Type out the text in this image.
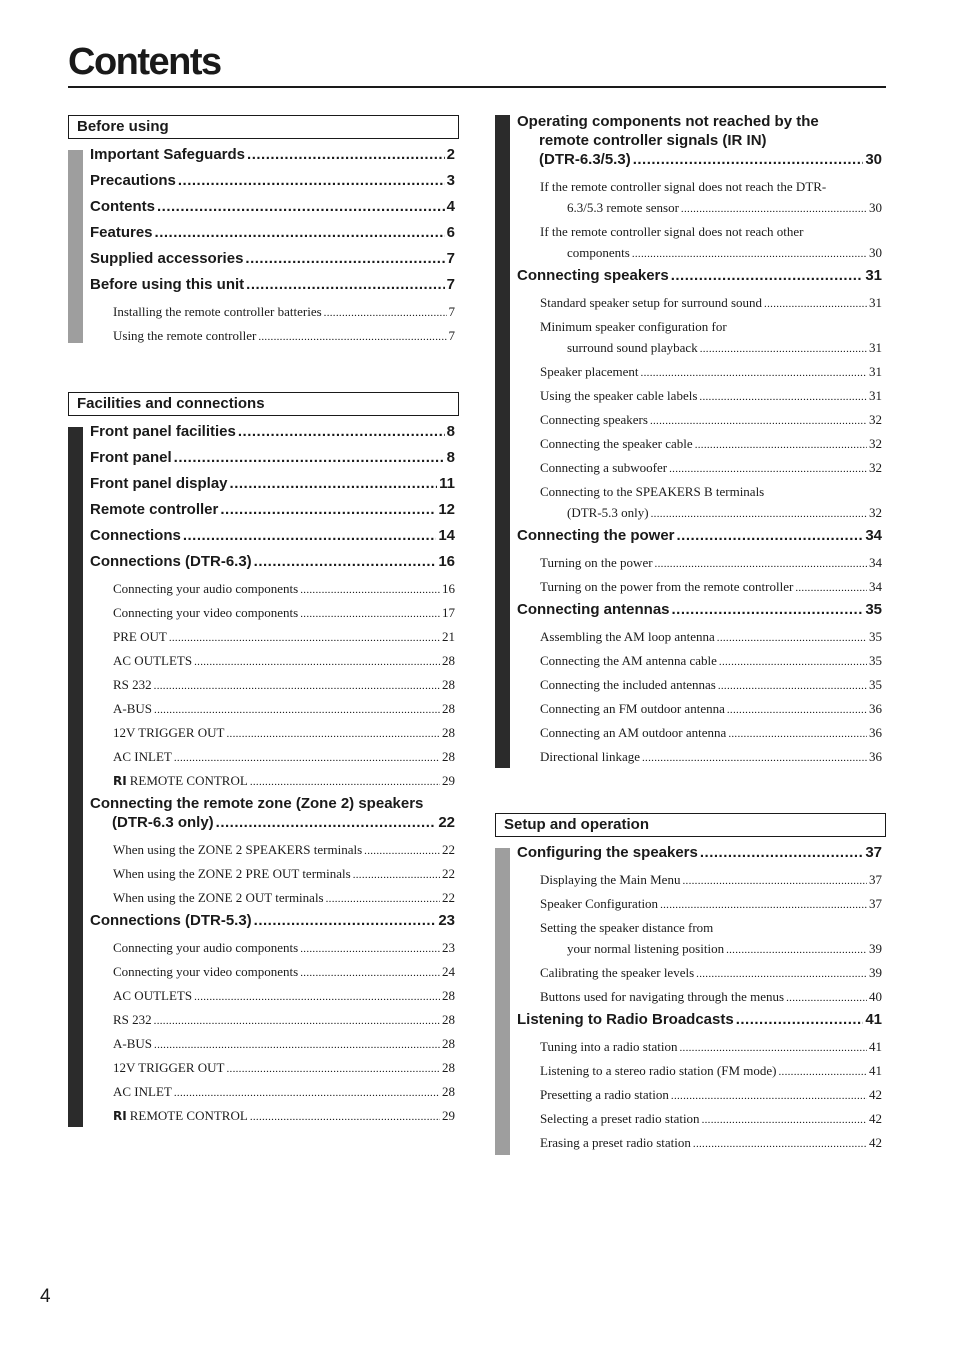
Contents
Before using
Important Safeguards .....	2
Precautions .....	3
Contents .....	4
Features .....	6
Supplied accessories .....	7
Before using this unit .....	7
Installing the remote controller batteries .....	7
Using the remote controller .....	7
Facilities and connections
Front panel facilities .....	8
Front panel .....	8
Front panel display .....	11
Remote controller .....	12
Connections .....	14
Connections (DTR-6.3) .....	16
Connecting your audio components .....	16
Connecting your video components .....	17
PRE OUT .....	21
AC OUTLETS .....	28
RS 232 .....	28
A-BUS .....	28
12V TRIGGER OUT .....	28
AC INLET .....	28
RI REMOTE CONTROL .....	29
Connecting the remote zone (Zone 2) speakers
(DTR-6.3 only) .....	22
When using the ZONE 2 SPEAKERS terminals .....	22
When using the ZONE 2 PRE OUT terminals .....	22
When using the ZONE 2 OUT terminals .....	22
Connections (DTR-5.3) .....	23
Connecting your audio components .....	23
Connecting your video components .....	24
AC OUTLETS .....	28
RS 232 .....	28
A-BUS .....	28
12V TRIGGER OUT .....	28
AC INLET .....	28
RI REMOTE CONTROL .....	29
Operating components not reached by the
remote controller signals (IR IN)
(DTR-6.3/5.3) .....	30
If the remote controller signal does not reach the DTR-
6.3/5.3 remote sensor .....	30
If the remote controller signal does not reach other
components .....	30
Connecting speakers .....	31
Standard speaker setup for surround sound .....	31
Minimum speaker configuration for
surround sound playback .....	31
Speaker placement .....	31
Using the speaker cable labels .....	31
Connecting speakers .....	32
Connecting the speaker cable .....	32
Connecting a subwoofer .....	32
Connecting to the SPEAKERS B terminals
(DTR-5.3 only) .....	32
Connecting the power .....	34
Turning on the power .....	34
Turning on the power from the remote controller .....	34
Connecting antennas .....	35
Assembling the AM loop antenna .....	35
Connecting the AM antenna cable .....	35
Connecting the included antennas .....	35
Connecting an FM outdoor antenna .....	36
Connecting an AM outdoor antenna .....	36
Directional linkage .....	36
Setup and operation
Configuring the speakers .....	37
Displaying the Main Menu .....	37
Speaker Configuration .....	37
Setting the speaker distance from
your normal listening position .....	39
Calibrating the speaker levels .....	39
Buttons used for navigating through the menus .....	40
Listening to Radio Broadcasts .....	41
Tuning into a radio station .....	41
Listening to a stereo radio station (FM mode) .....	41
Presetting a radio station .....	42
Selecting a preset radio station .....	42
Erasing a preset radio station .....	42
4
